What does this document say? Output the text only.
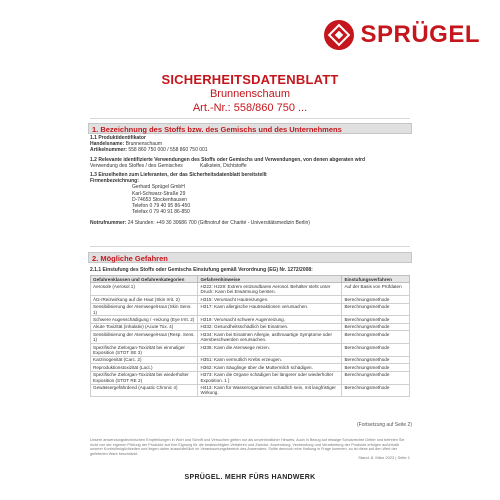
SPRÜGEL
SICHERHEITSDATENBLATT
Brunnenschaum
Art.-Nr.: 558/860 750 ...
1. Bezeichnung des Stoffs bzw. des Gemischs und des Unternehmens
1.1 Produktidentifikator
Handelsname: Brunnenschaum
Artikelnummer: 558 860 750 000 / 558 860 750 001
1.2 Relevante identifizierte Verwendungen des Stoffs oder Gemischs und Verwendungen, von denen abgeraten wird
Verwendung des Stoffes / des Gemisches	Kalkstein, Dichtstoffe
1.3 Einzelheiten zum Lieferanten, der das Sicherheitsdatenblatt bereitstellt
Firmenbezeichnung:
Gerhard Sprügel GmbH
Karl-Schwarz-Straße 29
D-74653 Stockenhausen
Telefon 0 79 40 95 86-450
Telefax 0 79 40 91 86-850
Notrufnummer: 24 Stunden: +49 30 30686 700 (Giftnotruf der Charité - Universitätsmedizin Berlin)
2. Mögliche Gefahren
2.1.1 Einstufung des Stoffs oder Gemischs Einstufung gemäß Verordnung (EG) Nr. 1272/2008:
Gefahrenklassen und Gefahrenkategorien	Gefahrenhinweise	Einstufungsverfahren
Aerosole (Aerosol 1)	H222: H229: Extrem entzündbares Aerosol. Behälter steht unter Druck: Kann bei Erwärmung bersten.	Auf der Basis von Prüfdaten
Ätz-/Reizwirkung auf die Haut (Skin Irrit. 2)	H315: Verursacht Hautreizungen.	Berechnungsmethode
Sensibilisierung der Atemwege/Haut (Skin Sens. 1)	H317: Kann allergische Hautreaktionen verursachen.	Berechnungsmethode
Schwere Augenschädigung / -reizung (Eye Irrit. 2)	H319: Verursacht schwere Augenreizung.	Berechnungsmethode
Akute Toxizität (inhalativ) (Acute Tox. 4)	H332: Gesundheitsschädlich bei Einatmen.	Berechnungsmethode
Sensibilisierung der Atemwege/Haut (Resp. Sens. 1)	H334: Kann bei Einatmen Allergie, asthmaartige Symptome oder Atembeschwerden verursachen.	Berechnungsmethode
Spezifische Zielorgan-Toxizität bei einmaliger Exposition (STOT SE 3)	H335: Kann die Atemwege reizen.	Berechnungsmethode
Karzinogenität (Carc. 2)	H351: Kann vermutlich Krebs erzeugen.	Berechnungsmethode
Reproduktionstoxizität (Lact.)	H362: Kann Säuglinge über die Muttermilch schädigen.	Berechnungsmethode
Spezifische Zielorgan-Toxizität bei wiederholter Exposition (STOT RE 2)	H373: Kann die Organe schädigen bei längerer oder wiederholter Exposition. 1 ]	Berechnungsmethode
Gewässergefährdend (Aquatic Chronic 4)	H413: Kann für Wasserorganismen schädlich sein, mit langfristiger Wirkung.	Berechnungsmethode
(Fortsetzung auf Seite 2)
Unsere anwendungstechnischen Empfehlungen in Wort und Schrift und Versuchen gelten nur als unverbindlicher Hinweis. Auch in Bezug auf etwaige Schutzrechte Dritter und befreien Sie nicht von der eigenen Prüfung der Produkte auf ihre Eignung für die beabsichtigten Verfahren und Zwecke. Anwendung, Verwendung und Verarbeitung der Produkte erfolgen außerhalb unserer Kontrollmöglichkeiten und liegen daher ausschließlich im Verantwortungsbereich des Anwenders. Sollte dennoch eine Haftung in Frage kommen, so ist diese auf den Wert der gelieferten Ware beschränkt.
Stand: 8. März 2023 | Seite 1
SPRÜGEL. MEHR FÜRS HANDWERK
